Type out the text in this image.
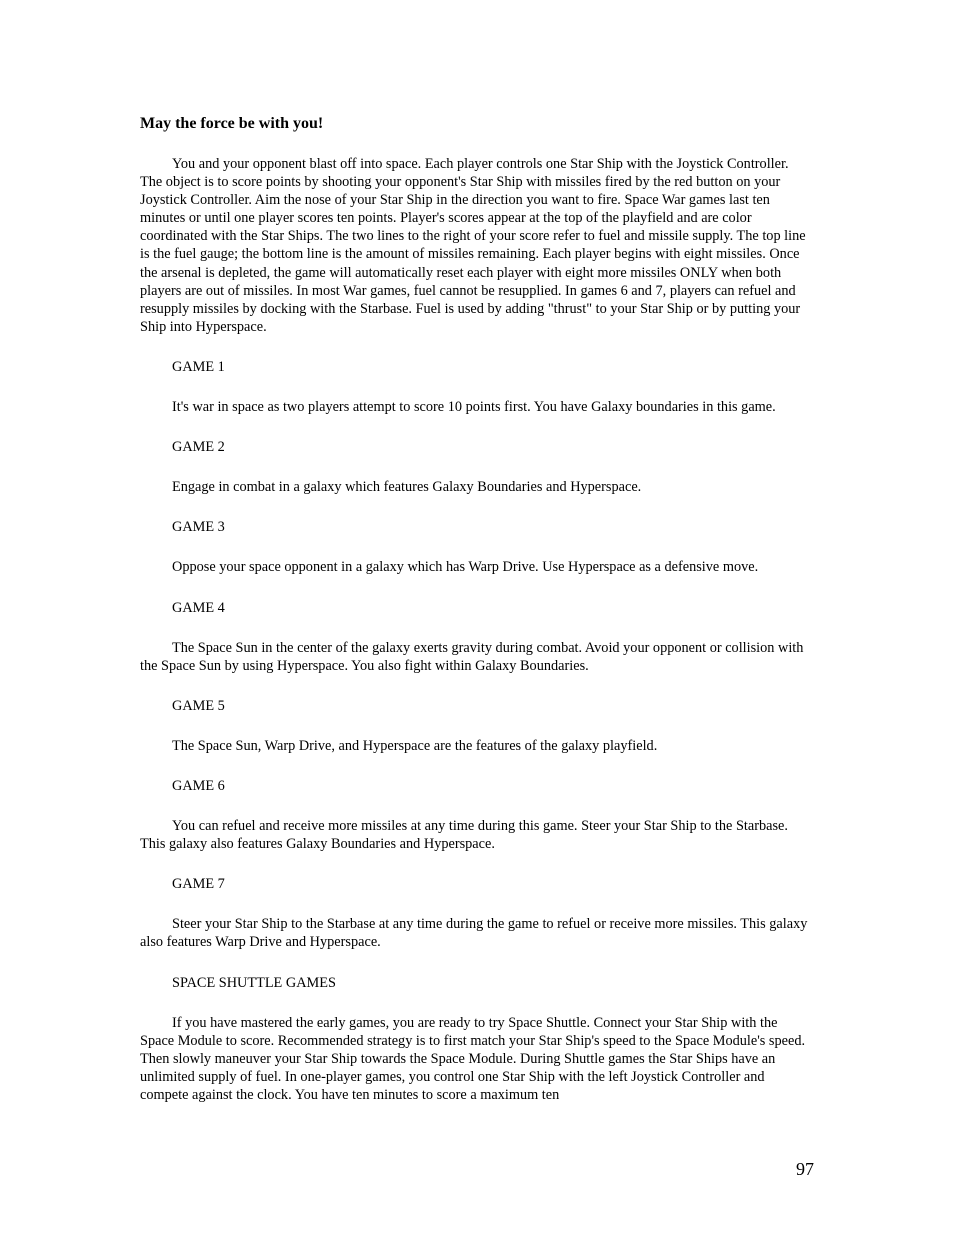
May the force be with you!

You and your opponent blast off into space. Each player controls one Star Ship with the Joystick Controller. The object is to score points by shooting your opponent's Star Ship with missiles fired by the red button on your Joystick Controller. Aim the nose of your Star Ship in the direction you want to fire. Space War games last ten minutes or until one player scores ten points. Player's scores appear at the top of the playfield and are color coordinated with the Star Ships. The two lines to the right of your score refer to fuel and missile supply. The top line is the fuel gauge; the bottom line is the amount of missiles remaining. Each player begins with eight missiles. Once the arsenal is depleted, the game will automatically reset each player with eight more missiles ONLY when both players are out of missiles. In most War games, fuel cannot be resupplied. In games 6 and 7, players can refuel and resupply missiles by docking with the Starbase. Fuel is used by adding "thrust" to your Star Ship or by putting your Ship into Hyperspace.

GAME 1

It's war in space as two players attempt to score 10 points first. You have Galaxy boundaries in this game.

GAME 2

Engage in combat in a galaxy which features Galaxy Boundaries and Hyperspace.

GAME 3

Oppose your space opponent in a galaxy which has Warp Drive. Use Hyperspace as a defensive move.

GAME 4

The Space Sun in the center of the galaxy exerts gravity during combat. Avoid your opponent or collision with the Space Sun by using Hyperspace. You also fight within Galaxy Boundaries.

GAME 5

The Space Sun, Warp Drive, and Hyperspace are the features of the galaxy playfield.

GAME 6

You can refuel and receive more missiles at any time during this game. Steer your Star Ship to the Starbase. This galaxy also features Galaxy Boundaries and Hyperspace.

GAME 7

Steer your Star Ship to the Starbase at any time during the game to refuel or receive more missiles. This galaxy also features Warp Drive and Hyperspace.

SPACE SHUTTLE GAMES

If you have mastered the early games, you are ready to try Space Shuttle. Connect your Star Ship with the Space Module to score. Recommended strategy is to first match your Star Ship's speed to the Space Module's speed. Then slowly maneuver your Star Ship towards the Space Module. During Shuttle games the Star Ships have an unlimited supply of fuel. In one-player games, you control one Star Ship with the left Joystick Controller and compete against the clock. You have ten minutes to score a maximum ten

97
